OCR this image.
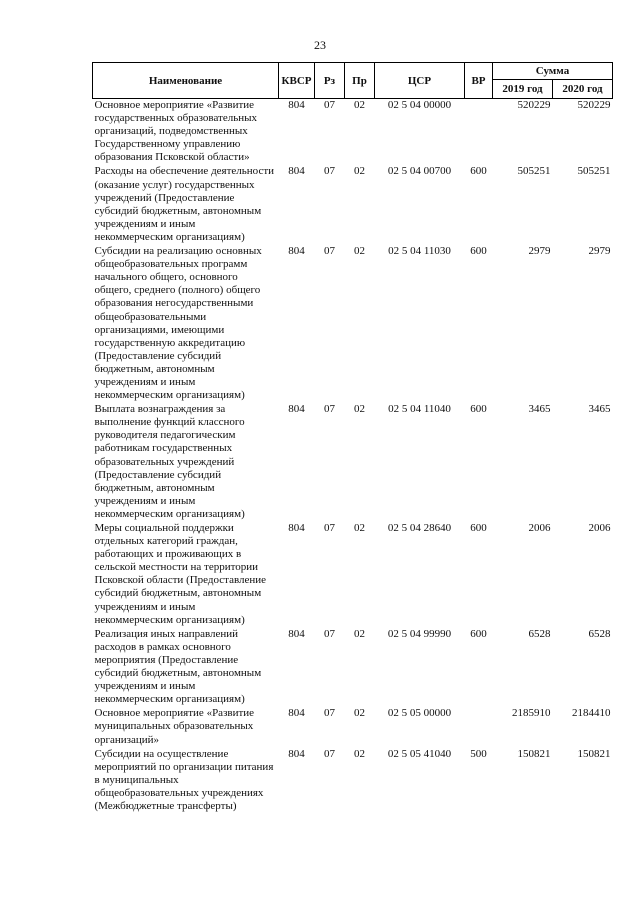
23
Наименование	КВСР	Рз	Пр	ЦСР	ВР	Сумма	
						2019 год	2020 год
Основное мероприятие «Развитие государственных образовательных организаций, подведомственных Государственному управлению образования Псковской области»	804	07	02	02 5 04 00000		520229	520229
Расходы на обеспечение деятельности (оказание услуг) государственных учреждений (Предоставление субсидий бюджетным, автономным учреждениям и иным некоммерческим организациям)	804	07	02	02 5 04 00700	600	505251	505251
Субсидии на реализацию основных общеобразовательных программ начального общего, основного общего, среднего (полного) общего образования негосударственными общеобразовательными организациями, имеющими государственную аккредитацию (Предоставление субсидий бюджетным, автономным учреждениям и иным некоммерческим организациям)	804	07	02	02 5 04 11030	600	2979	2979
Выплата вознаграждения за выполнение функций классного руководителя педагогическим работникам государственных образовательных учреждений (Предоставление субсидий бюджетным, автономным учреждениям и иным некоммерческим организациям)	804	07	02	02 5 04 11040	600	3465	3465
Меры социальной поддержки отдельных категорий граждан, работающих и проживающих в сельской местности на территории Псковской области (Предоставление субсидий бюджетным, автономным учреждениям и иным некоммерческим организациям)	804	07	02	02 5 04 28640	600	2006	2006
Реализация иных направлений расходов в рамках основного мероприятия (Предоставление субсидий бюджетным, автономным учреждениям и иным некоммерческим организациям)	804	07	02	02 5 04 99990	600	6528	6528
Основное мероприятие «Развитие муниципальных образовательных организаций»	804	07	02	02 5 05 00000		2185910	2184410
Субсидии на осуществление мероприятий по организации питания в муниципальных общеобразовательных учреждениях (Межбюджетные трансферты)	804	07	02	02 5 05 41040	500	150821	150821
